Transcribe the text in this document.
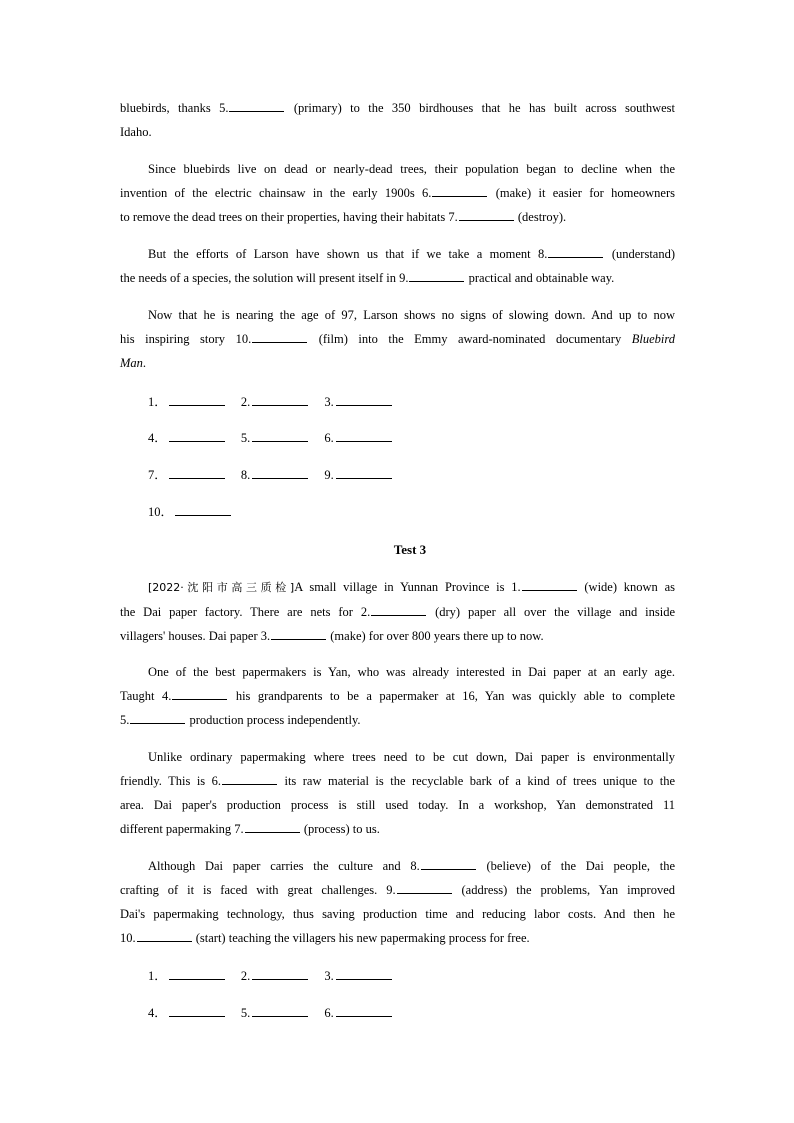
bluebirds, thanks 5.	(primary) to the 350 birdhouses that he has built across southwest
Idaho.
Since bluebirds live on dead or nearly-dead trees, their population began to decline when the
invention of the electric chainsaw in the early 1900s 6.	(make) it easier for homeowners
to remove the dead trees on their properties, having their habitats 7.	(destroy).
But the efforts of Larson have shown us that if we take a moment 8.	(understand)
the needs of a species, the solution will present itself in 9.	practical and obtainable way.
Now that he is nearing the age of 97, Larson shows no signs of slowing down. And up to now
his inspiring story 10.	(film) into the Emmy award-nominated documentary Bluebird
Man.
1．	2.	3.
4．	5.	6.
7．	8.	9.
10．
Test 3
[2022·沈阳市高三质检]A small village in Yunnan Province is 1.	(wide) known as
the Dai paper factory. There are nets for 2.	(dry) paper all over the village and inside
villagers' houses. Dai paper 3.	(make) for over 800 years there up to now.
One of the best papermakers is Yan, who was already interested in Dai paper at an early age.
Taught 4.	his grandparents to be a papermaker at 16, Yan was quickly able to complete
5.	production process independently.
Unlike ordinary papermaking where trees need to be cut down, Dai paper is environmentally
friendly. This is 6.	its raw material is the recyclable bark of a kind of trees unique to the
area. Dai paper's production process is still used today. In a workshop, Yan demonstrated 11
different papermaking 7.	(process) to us.
Although Dai paper carries the culture and 8.	(believe) of the Dai people, the
crafting of it is faced with great challenges. 9.	(address) the problems, Yan improved
Dai's papermaking technology, thus saving production time and reducing labor costs. And then he
10.	(start) teaching the villagers his new papermaking process for free.
1．	2.	3.
4．	5.	6.
